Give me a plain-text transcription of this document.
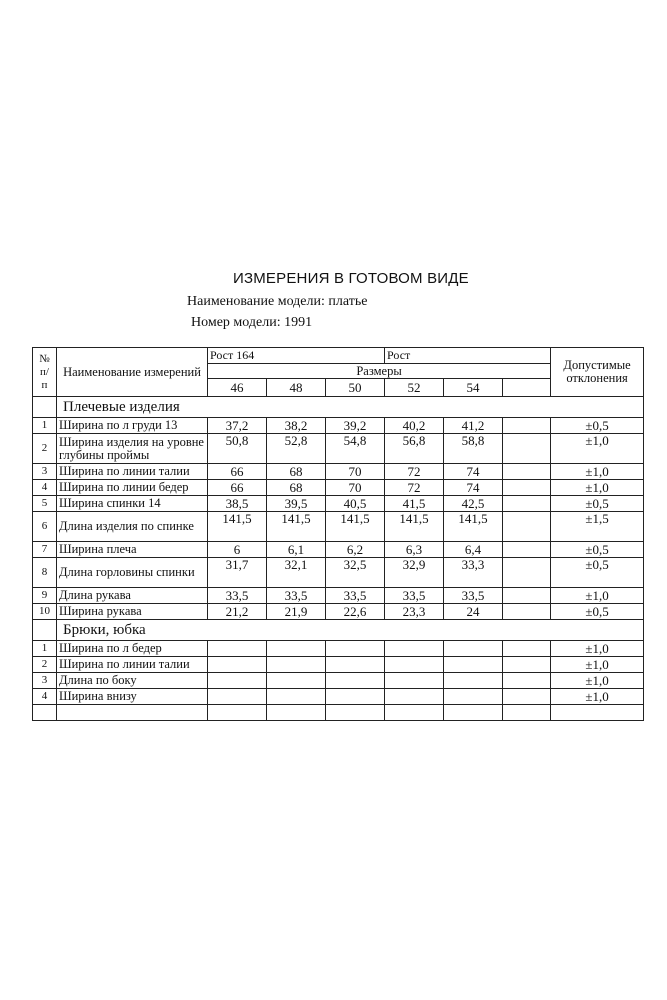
ИЗМЕРЕНИЯ В ГОТОВОМ ВИДЕ
Наименование модели: платье
Номер модели: 1991
№
п/
п	Наименование измерений	Рост 164			Рост			Допустимые отклонения
		Размеры						
		46	48	50	52	54		
	Плечевые изделия							
1	Ширина по л груди 13	37,2	38,2	39,2	40,2	41,2		±0,5
2	Ширина изделия на уровне глубины проймы	50,8	52,8	54,8	56,8	58,8		±1,0
3	Ширина по линии талии	66	68	70	72	74		±1,0
4	Ширина по линии бедер	66	68	70	72	74		±1,0
5	Ширина спинки 14	38,5	39,5	40,5	41,5	42,5		±0,5
6	Длина изделия по спинке	141,5	141,5	141,5	141,5	141,5		±1,5
7	Ширина плеча	6	6,1	6,2	6,3	6,4		±0,5
8	Длина горловины спинки	31,7	32,1	32,5	32,9	33,3		±0,5
9	Длина рукава	33,5	33,5	33,5	33,5	33,5		±1,0
10	Ширина рукава	21,2	21,9	22,6	23,3	24		±0,5
	Брюки, юбка							
1	Ширина по л бедер							±1,0
2	Ширина по линии талии							±1,0
3	Длина по боку							±1,0
4	Ширина внизу							±1,0
